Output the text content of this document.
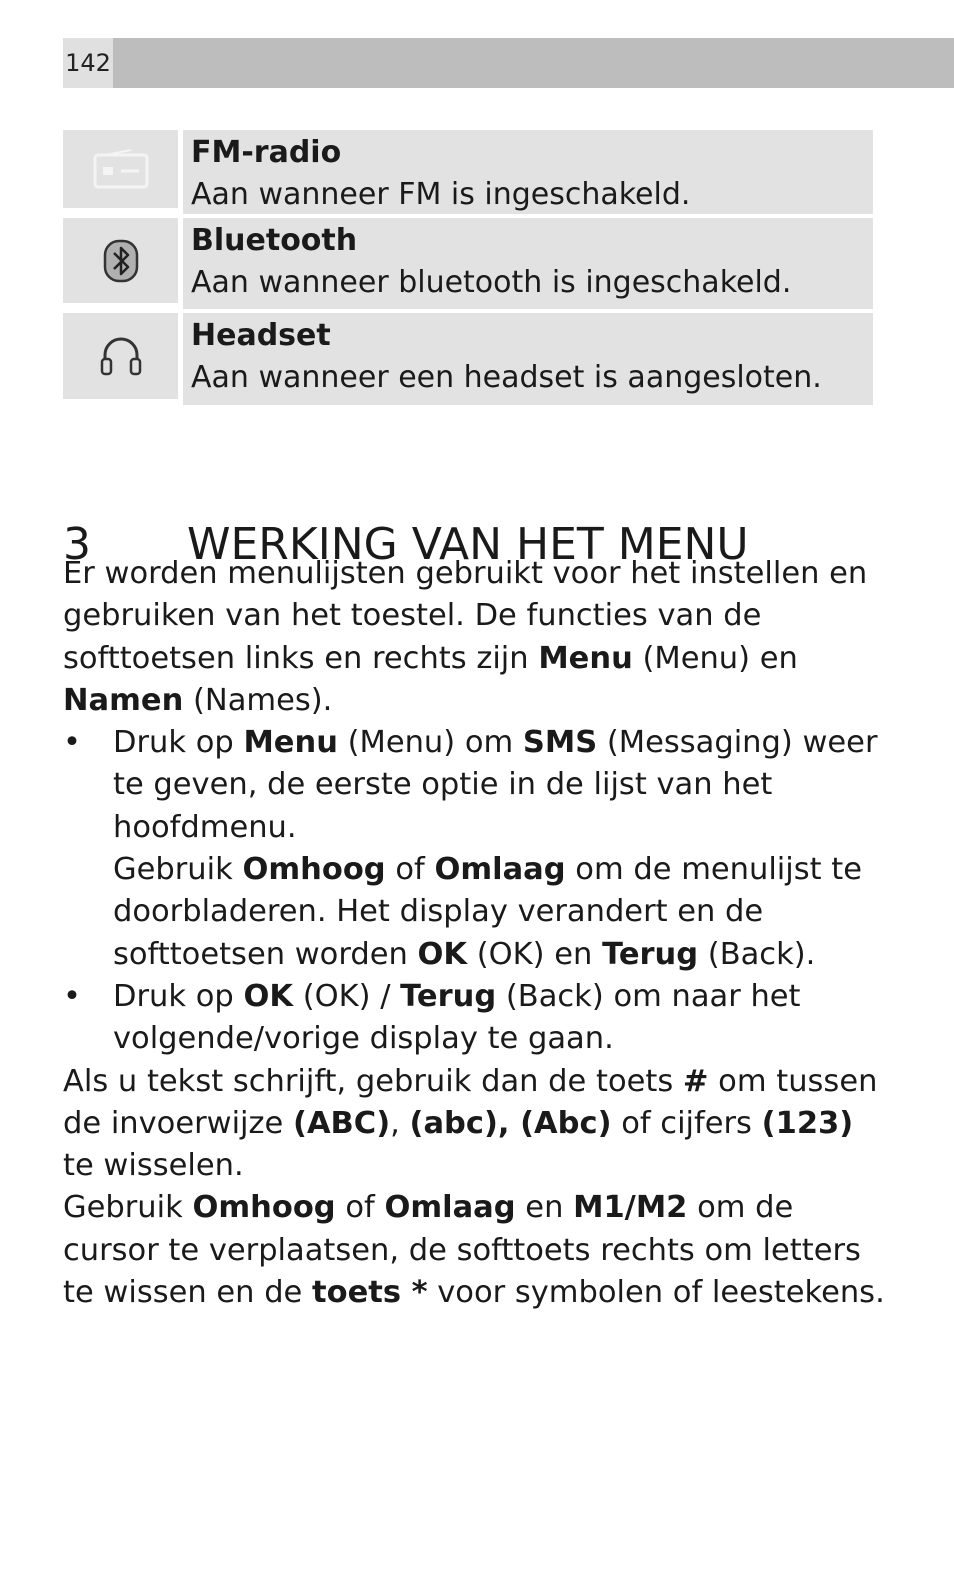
142
FM-radio
Aan wanneer FM is ingeschakeld.
Bluetooth
Aan wanneer bluetooth is ingeschakeld.
Headset
Aan wanneer een headset is aangesloten.
3 WERKING VAN HET MENU

Er worden menulijsten gebruikt voor het instellen en gebruiken van het toestel. De functies van de softtoetsen links en rechts zijn Menu (Menu) en Namen (Names).

• Druk op Menu (Menu) om SMS (Messaging) weer te geven, de eerste optie in de lijst van het hoofdmenu.
Gebruik Omhoog of Omlaag om de menulijst te doorbladeren. Het display verandert en de softtoetsen worden OK (OK) en Terug (Back).
• Druk op OK (OK) / Terug (Back) om naar het volgende/vorige display te gaan.

Als u tekst schrijft, gebruik dan de toets # om tussen de invoerwijze (ABC), (abc), (Abc) of cijfers (123) te wisselen.

Gebruik Omhoog of Omlaag en M1/M2 om de cursor te verplaatsen, de softtoets rechts om letters te wissen en de toets * voor symbolen of leestekens.
